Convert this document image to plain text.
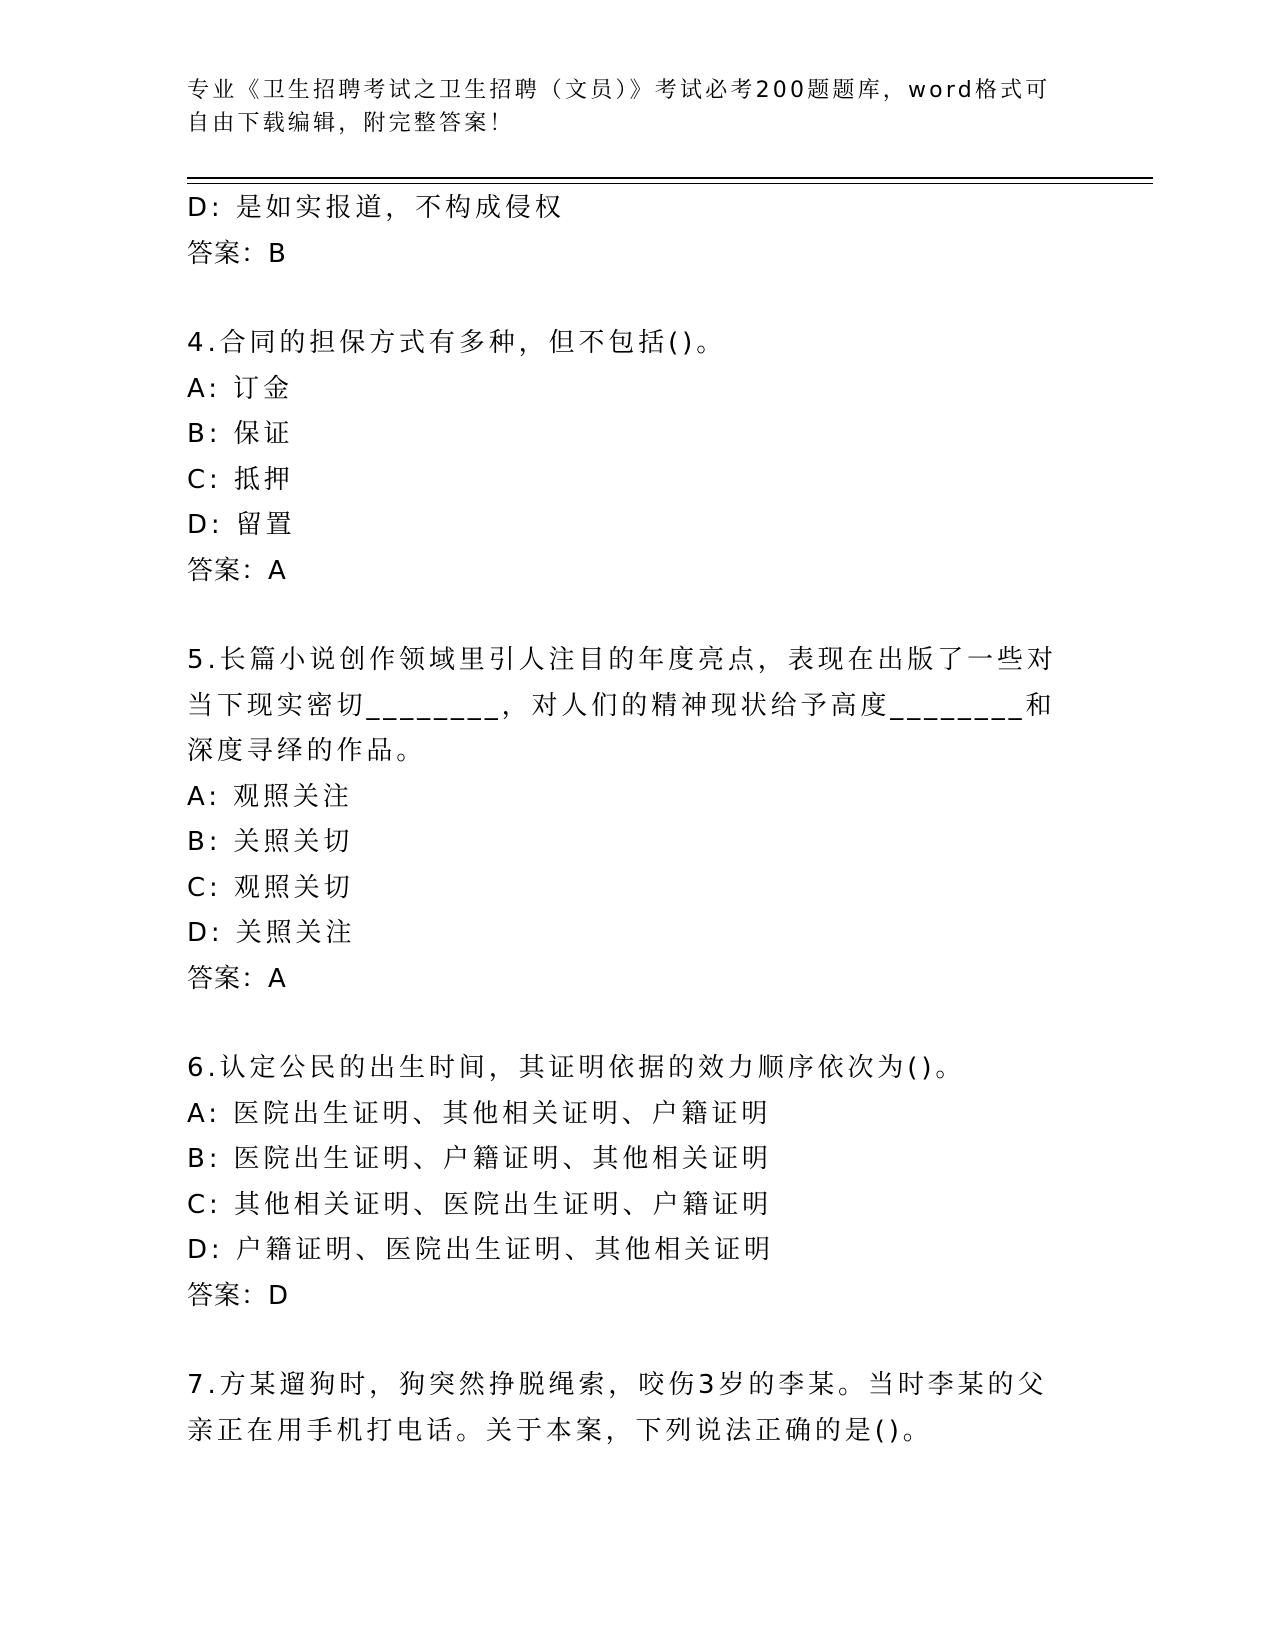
专业《卫生招聘考试之卫生招聘（文员）》考试必考200题题库，word格式可自由下载编辑，附完整答案！
D: 是如实报道，不构成侵权
答案：B
4.合同的担保方式有多种，但不包括()。
A: 订金
B: 保证
C: 抵押
D: 留置
答案：A
5.长篇小说创作领域里引人注目的年度亮点，表现在出版了一些对当下现实密切________，对人们的精神现状给予高度________和深度寻绎的作品。
A: 观照关注
B: 关照关切
C: 观照关切
D: 关照关注
答案：A
6.认定公民的出生时间，其证明依据的效力顺序依次为()。
A: 医院出生证明、其他相关证明、户籍证明
B: 医院出生证明、户籍证明、其他相关证明
C: 其他相关证明、医院出生证明、户籍证明
D: 户籍证明、医院出生证明、其他相关证明
答案：D
7.方某遛狗时，狗突然挣脱绳索，咬伤3岁的李某。当时李某的父亲正在用手机打电话。关于本案，下列说法正确的是()。
